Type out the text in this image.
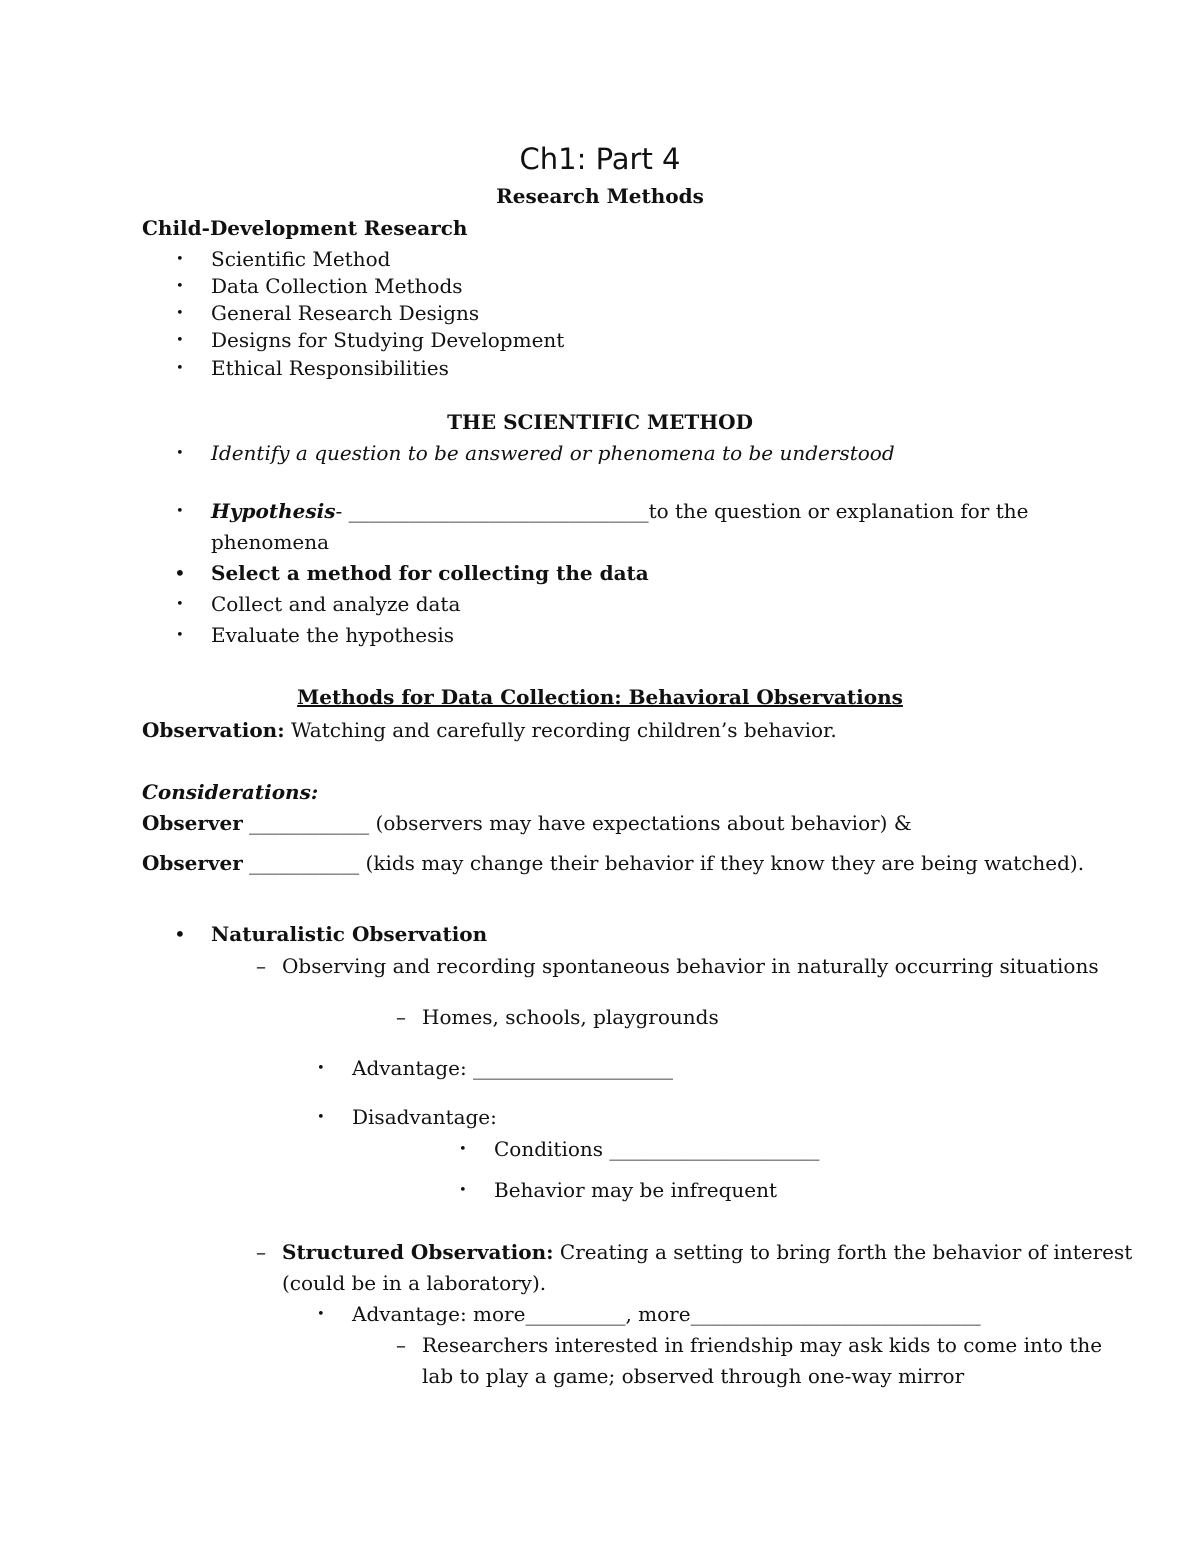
Ch1: Part 4
Research Methods
Child-Development Research
• Scientific Method
• Data Collection Methods
• General Research Designs
• Designs for Studying Development
• Ethical Responsibilities
THE SCIENTIFIC METHOD
• Identify a question to be answered or phenomena to be understood
• Hypothesis- ______________________________to the question or explanation for the
phenomena
• Select a method for collecting the data
• Collect and analyze data
• Evaluate the hypothesis
Methods for Data Collection: Behavioral Observations
Observation: Watching and carefully recording children’s behavior.
Considerations:
Observer ____________ (observers may have expectations about behavior) &
Observer ___________ (kids may change their behavior if they know they are being watched).
• Naturalistic Observation
– Observing and recording spontaneous behavior in naturally occurring situations
– Homes, schools, playgrounds
• Advantage: ____________________
• Disadvantage:
• Conditions _____________________
• Behavior may be infrequent
– Structured Observation: Creating a setting to bring forth the behavior of interest
(could be in a laboratory).
• Advantage: more__________, more_____________________________
– Researchers interested in friendship may ask kids to come into the
lab to play a game; observed through one-way mirror
